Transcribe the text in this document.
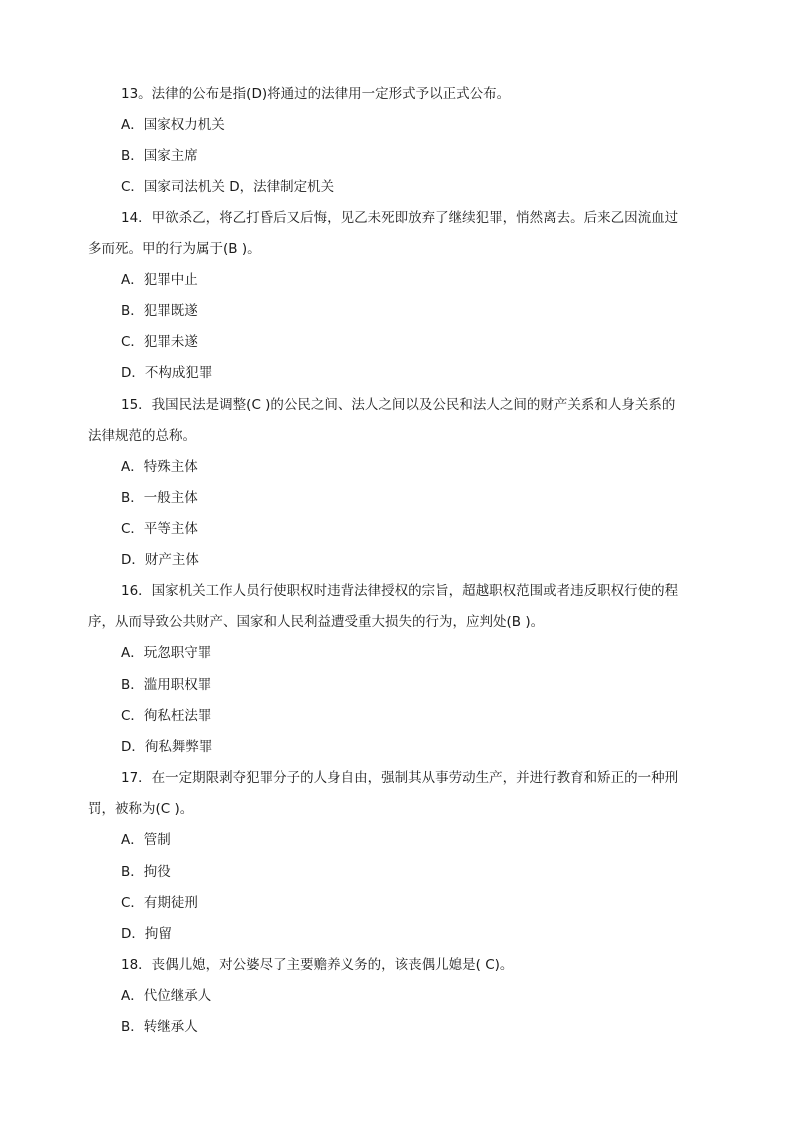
13。法律的公布是指(D)将通过的法律用一定形式予以正式公布。
A．国家权力机关
B．国家主席
C．国家司法机关 D，法律制定机关
14．甲欲杀乙，将乙打昏后又后悔，见乙未死即放弃了继续犯罪，悄然离去。后来乙因流血过
多而死。甲的行为属于(B )。
A．犯罪中止
B．犯罪既遂
C．犯罪未遂
D．不构成犯罪
15．我国民法是调整(C )的公民之间、法人之间以及公民和法人之间的财产关系和人身关系的
法律规范的总称。
A．特殊主体
B．一般主体
C．平等主体
D．财产主体
16．国家机关工作人员行使职权时违背法律授权的宗旨，超越职权范围或者违反职权行使的程
序，从而导致公共财产、国家和人民利益遭受重大损失的行为，应判处(B )。
A．玩忽职守罪
B．滥用职权罪
C．徇私枉法罪
D．徇私舞弊罪
17．在一定期限剥夺犯罪分子的人身自由，强制其从事劳动生产，并进行教育和矫正的一种刑
罚，被称为(C )。
A．管制
B．拘役
C．有期徒刑
D．拘留
18．丧偶儿媳，对公婆尽了主要赡养义务的，该丧偶儿媳是( C)。
A．代位继承人
B．转继承人
